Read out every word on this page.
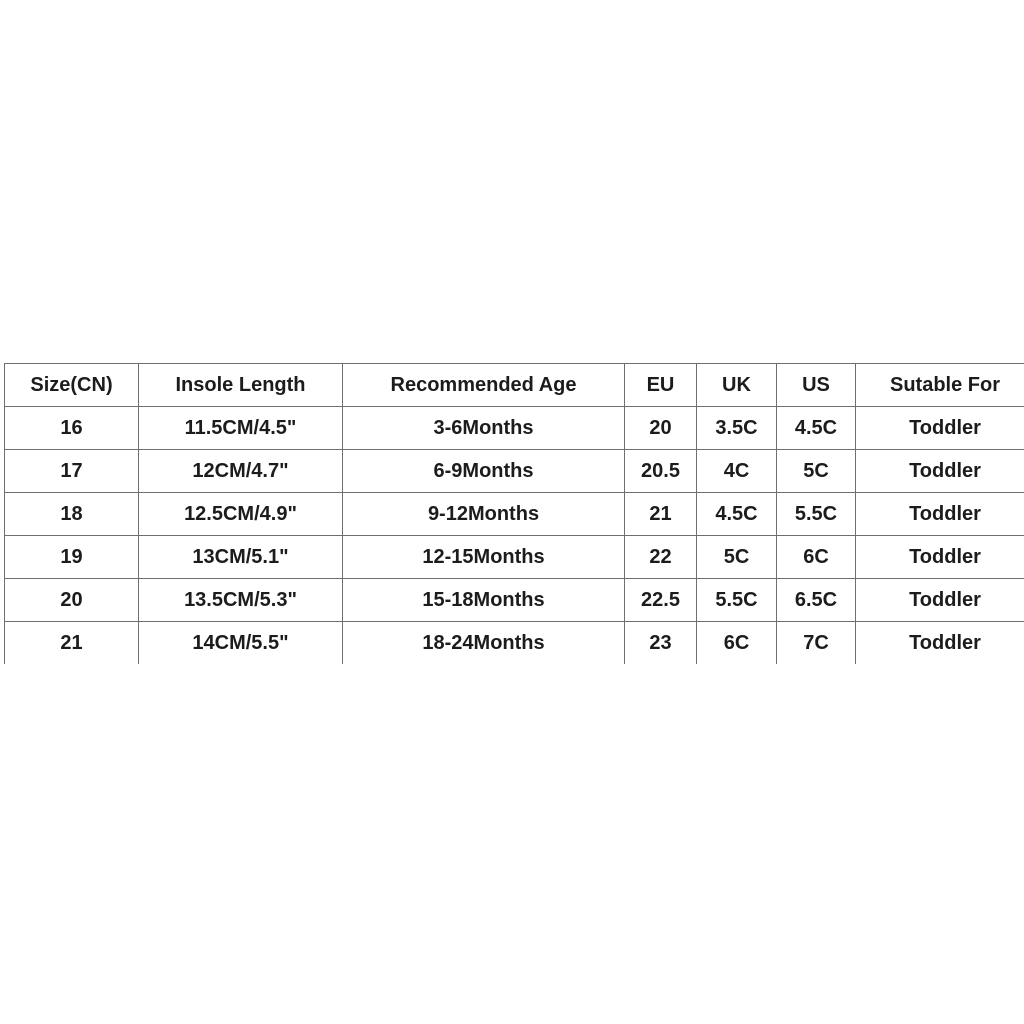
Size(CN)	Insole Length	Recommended Age	EU	UK	US	Sutable For
16	11.5CM/4.5"	3-6Months	20	3.5C	4.5C	Toddler
17	12CM/4.7"	6-9Months	20.5	4C	5C	Toddler
18	12.5CM/4.9"	9-12Months	21	4.5C	5.5C	Toddler
19	13CM/5.1"	12-15Months	22	5C	6C	Toddler
20	13.5CM/5.3"	15-18Months	22.5	5.5C	6.5C	Toddler
21	14CM/5.5"	18-24Months	23	6C	7C	Toddler
